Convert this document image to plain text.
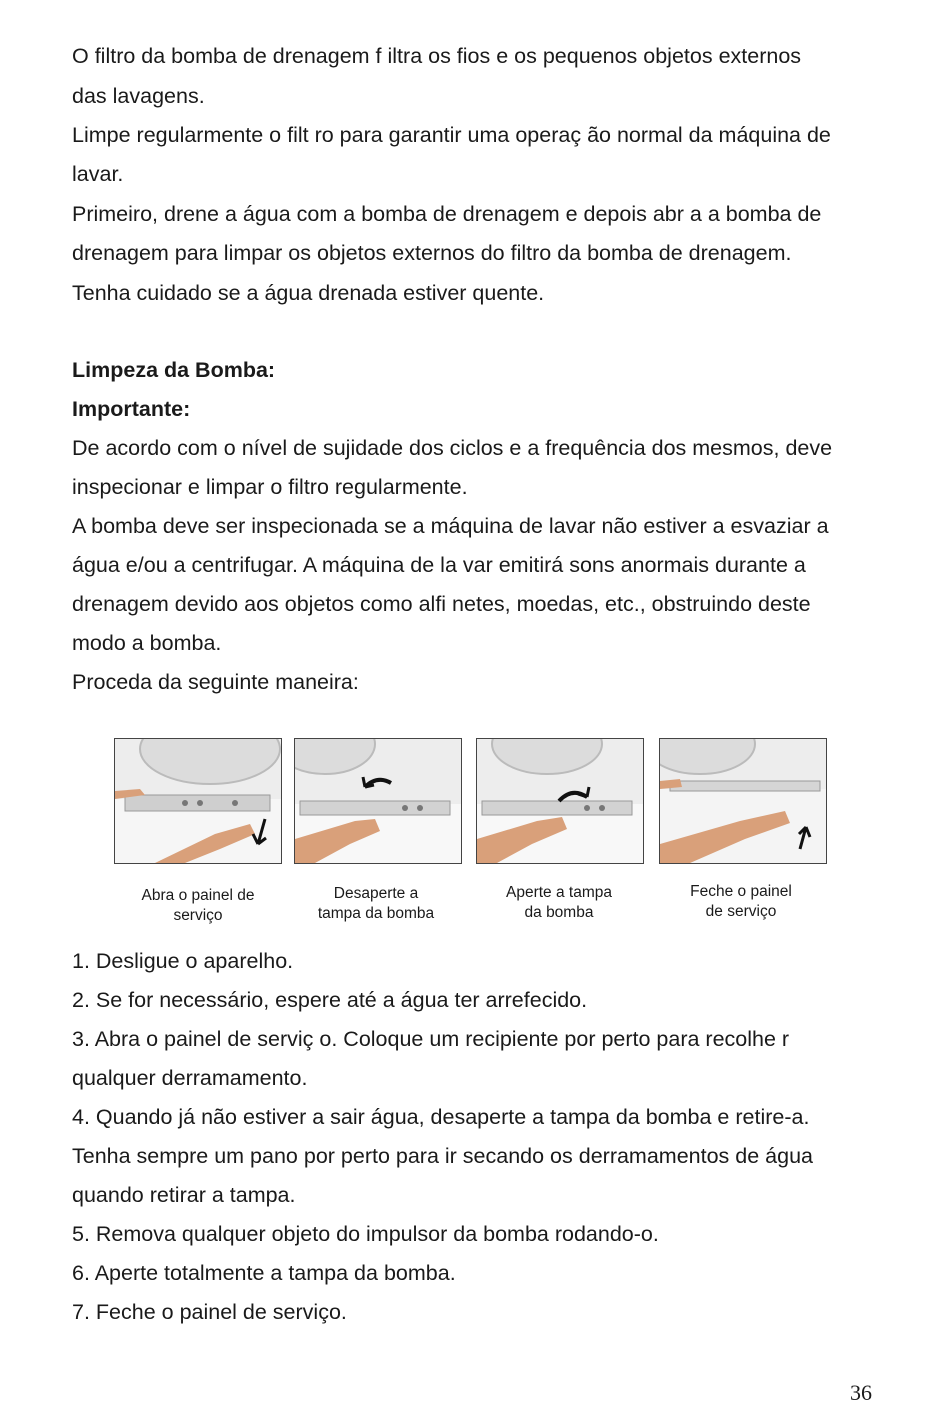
O filtro da bomba de drenagem f iltra os fios e os pequenos objetos externos
das lavagens.
Limpe regularmente o filt ro para garantir uma operaç ão normal da máquina de
lavar.
Primeiro, drene a água com a bomba de drenagem e depois abr a a bomba de
drenagem para limpar os objetos externos do filtro da bomba de drenagem.
Tenha cuidado se a água drenada estiver quente.
Limpeza da Bomba:
Importante:
De acordo com o nível de sujidade dos ciclos e a frequência dos mesmos, deve
inspecionar e limpar o filtro regularmente.
A bomba deve ser inspecionada se a máquina de lavar não estiver a esvaziar a
água e/ou a centrifugar. A máquina de la var emitirá sons anormais durante a
drenagem devido aos objetos como alfi netes, moedas, etc., obstruindo deste
modo a bomba.
Proceda da seguinte maneira:
Abra o painel de
serviço
Desaperte a
tampa da bomba
Aperte a tampa
da bomba
Feche o painel
de serviço
1. Desligue o aparelho.
2. Se for necessário, espere até a água ter arrefecido.
3. Abra o painel de serviç o. Coloque um recipiente por perto para recolhe r
qualquer derramamento.
4. Quando já não estiver a sair água, desaperte a tampa da bomba e retire-a.
Tenha sempre um pano por perto para ir secando os derramamentos de água
quando retirar a tampa.
5. Remova qualquer objeto do impulsor da bomba rodando-o.
6. Aperte totalmente a tampa da bomba.
7. Feche o painel de serviço.
36
